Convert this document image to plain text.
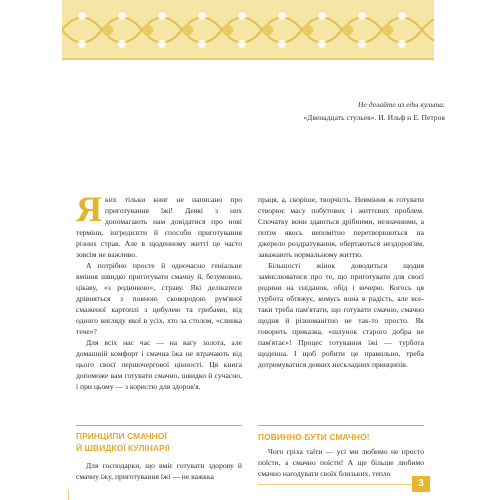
Не делайте из еды культа.
«Двенадцать стульев». И. Ильф и Е. Петров

Яких тільки книг не написано про приготування їжі! Деякі з них допомагають нам довідатися про нові терміни, інгредієнти й способи приготування різних страв. Але в щоденному житті це часто зовсім не важливо.

А потрібно просте й одночасно геніальне вміння швидко приготувати смачну й, безумовно, цікаву, «з родинкою», страву. Які делікатеси дрівняться з повною сковородою рум'яної смаженої картоплі з цибулею та грибами, від одного вигляду якої в усіх, хто за столом, «слинка тече»?

Для всіх нас час — на вагу золота, але домашній комфорт і смачна їжа не втрачають від цього своєї першочергової цінності. Ця книга допоможе вам готувати смачно, швидко й сучасно, і при цьому — з користю для здоров'я.

ПРИНЦИПИ СМАЧНОЇ
Й ШВИДКОЇ КУЛІНАРІЇ

Для господарки, що вміє готувати здорову й смачну їжу, приготування їжі — не важкка

праця, а, скоріше, творчість. Невміння ж готувати створює масу побутових і життєвих проблем. Спочатку вони здаються дрібними, незначними, а потім якось непомітно перетворюються на джерело роздратування, обертаються нездоров'ям, заважають нормальному життю.

Більшості жінок доводиться щодня замислюватися про те, що приготувати для своєї родини на сніданок, обід і вечерю. Когось ця турбота обтяжує, комусь вона в радість, але все-таки треба пам'ятати, що готувати смачно, смачно щодня й різноманітно не так-то просто. Як говорить приказка, «шлунок старого добра не пам'ятає»! Процес готування їжі — турбота щоденна. І щоб робити це правильно, треба дотримуватися деяких нескладних принципів.

ПОВИННО БУТИ СМАЧНО!

Чого гріха таїти — усі ми любимо не просто поїсти, а смачно поїсти! А ще більше любимо смачно нагодувати своїх близьких, тепло

3
